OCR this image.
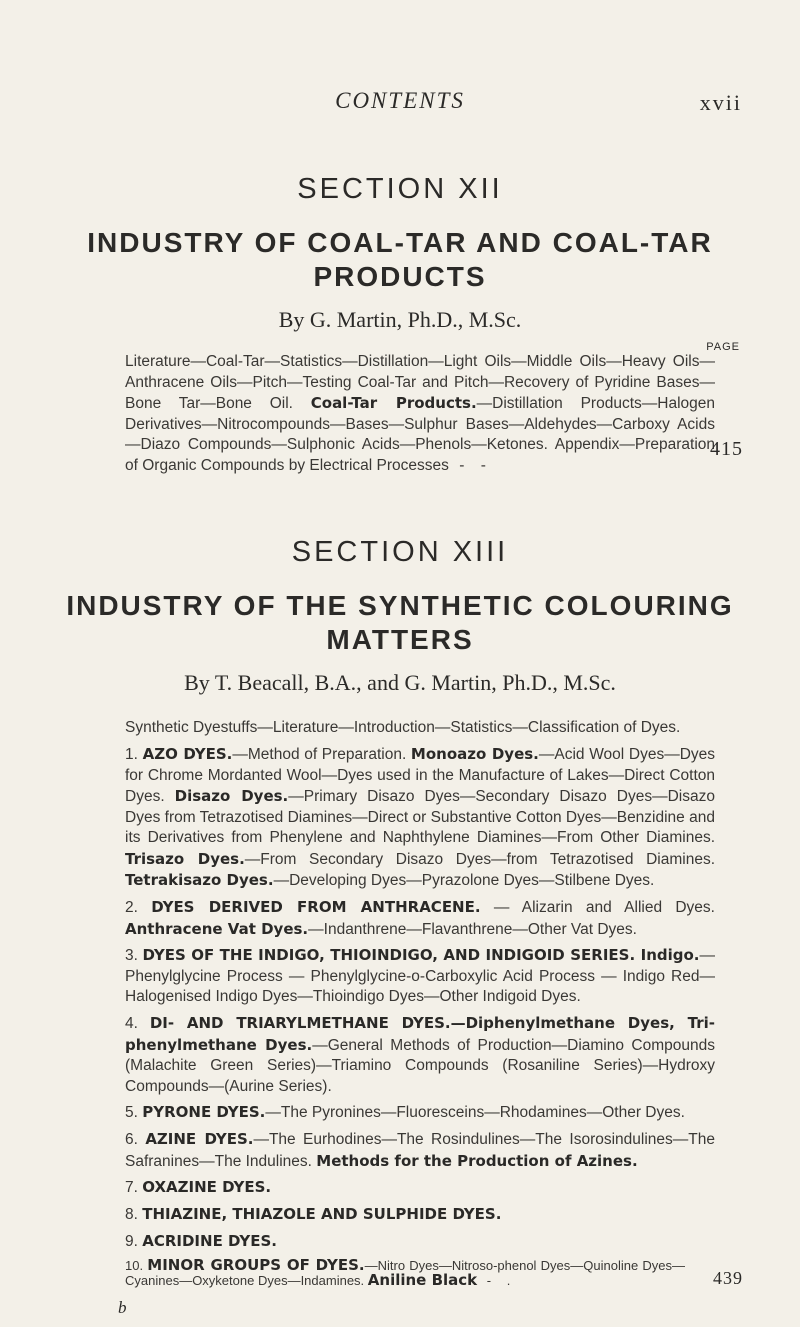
CONTENTS	xvii
SECTION XII
INDUSTRY OF COAL-TAR AND COAL-TAR PRODUCTS
By G. Martin, Ph.D., M.Sc.
PAGE
Literature—Coal-Tar—Statistics—Distillation—Light Oils—Middle Oils—Heavy Oils—Anthracene Oils—Pitch—Testing Coal-Tar and Pitch—Recovery of Pyridine Bases—Bone Tar—Bone Oil. Coal-Tar Products.—Distillation Products—Halogen Derivatives—Nitrocompounds—Bases—Sulphur Bases—Aldehydes—Carboxy Acids—Diazo Compounds—Sulphonic Acids—Phenols—Ketones. Appendix—Preparation of Organic Compounds by Electrical Processes - -
415
SECTION XIII
INDUSTRY OF THE SYNTHETIC COLOURING MATTERS
By T. Beacall, B.A., and G. Martin, Ph.D., M.Sc.
Synthetic Dyestuffs—Literature—Introduction—Statistics—Classification of Dyes.
1. AZO DYES.—Method of Preparation. Monoazo Dyes.—Acid Wool Dyes—Dyes for Chrome Mordanted Wool—Dyes used in the Manufacture of Lakes—Direct Cotton Dyes. Disazo Dyes.—Primary Disazo Dyes—Secondary Disazo Dyes—Disazo Dyes from Tetrazotised Diamines—Direct or Substantive Cotton Dyes—Benzidine and its Derivatives from Phenylene and Naphthylene Diamines—From Other Diamines. Trisazo Dyes.—From Secondary Disazo Dyes—from Tetrazotised Diamines. Tetrakisazo Dyes.—Developing Dyes—Pyrazolone Dyes—Stilbene Dyes.
2. DYES DERIVED FROM ANTHRACENE. — Alizarin and Allied Dyes. Anthracene Vat Dyes.—Indanthrene—Flavanthrene—Other Vat Dyes.
3. DYES OF THE INDIGO, THIOINDIGO, AND INDIGOID SERIES. Indigo.—Phenylglycine Process — Phenylglycine-o-Carboxylic Acid Process — Indigo Red—Halogenised Indigo Dyes—Thioindigo Dyes—Other Indigoid Dyes.
4. DI- AND TRIARYLMETHANE DYES.—Diphenylmethane Dyes, Tri-phenylmethane Dyes.—General Methods of Production—Diamino Compounds (Malachite Green Series)—Triamino Compounds (Rosaniline Series)—Hydroxy Compounds—(Aurine Series).
5. PYRONE DYES.—The Pyronines—Fluoresceins—Rhodamines—Other Dyes.
6. AZINE DYES.—The Eurhodines—The Rosindulines—The Isorosindulines—The Safranines—The Indulines. Methods for the Production of Azines.
7. OXAZINE DYES.
8. THIAZINE, THIAZOLE AND SULPHIDE DYES.
9. ACRIDINE DYES.
10. MINOR GROUPS OF DYES.—Nitro Dyes—Nitroso-phenol Dyes—Quinoline Dyes—Cyanines—Oxyketone Dyes—Indamines. Aniline Black - .	439
b
